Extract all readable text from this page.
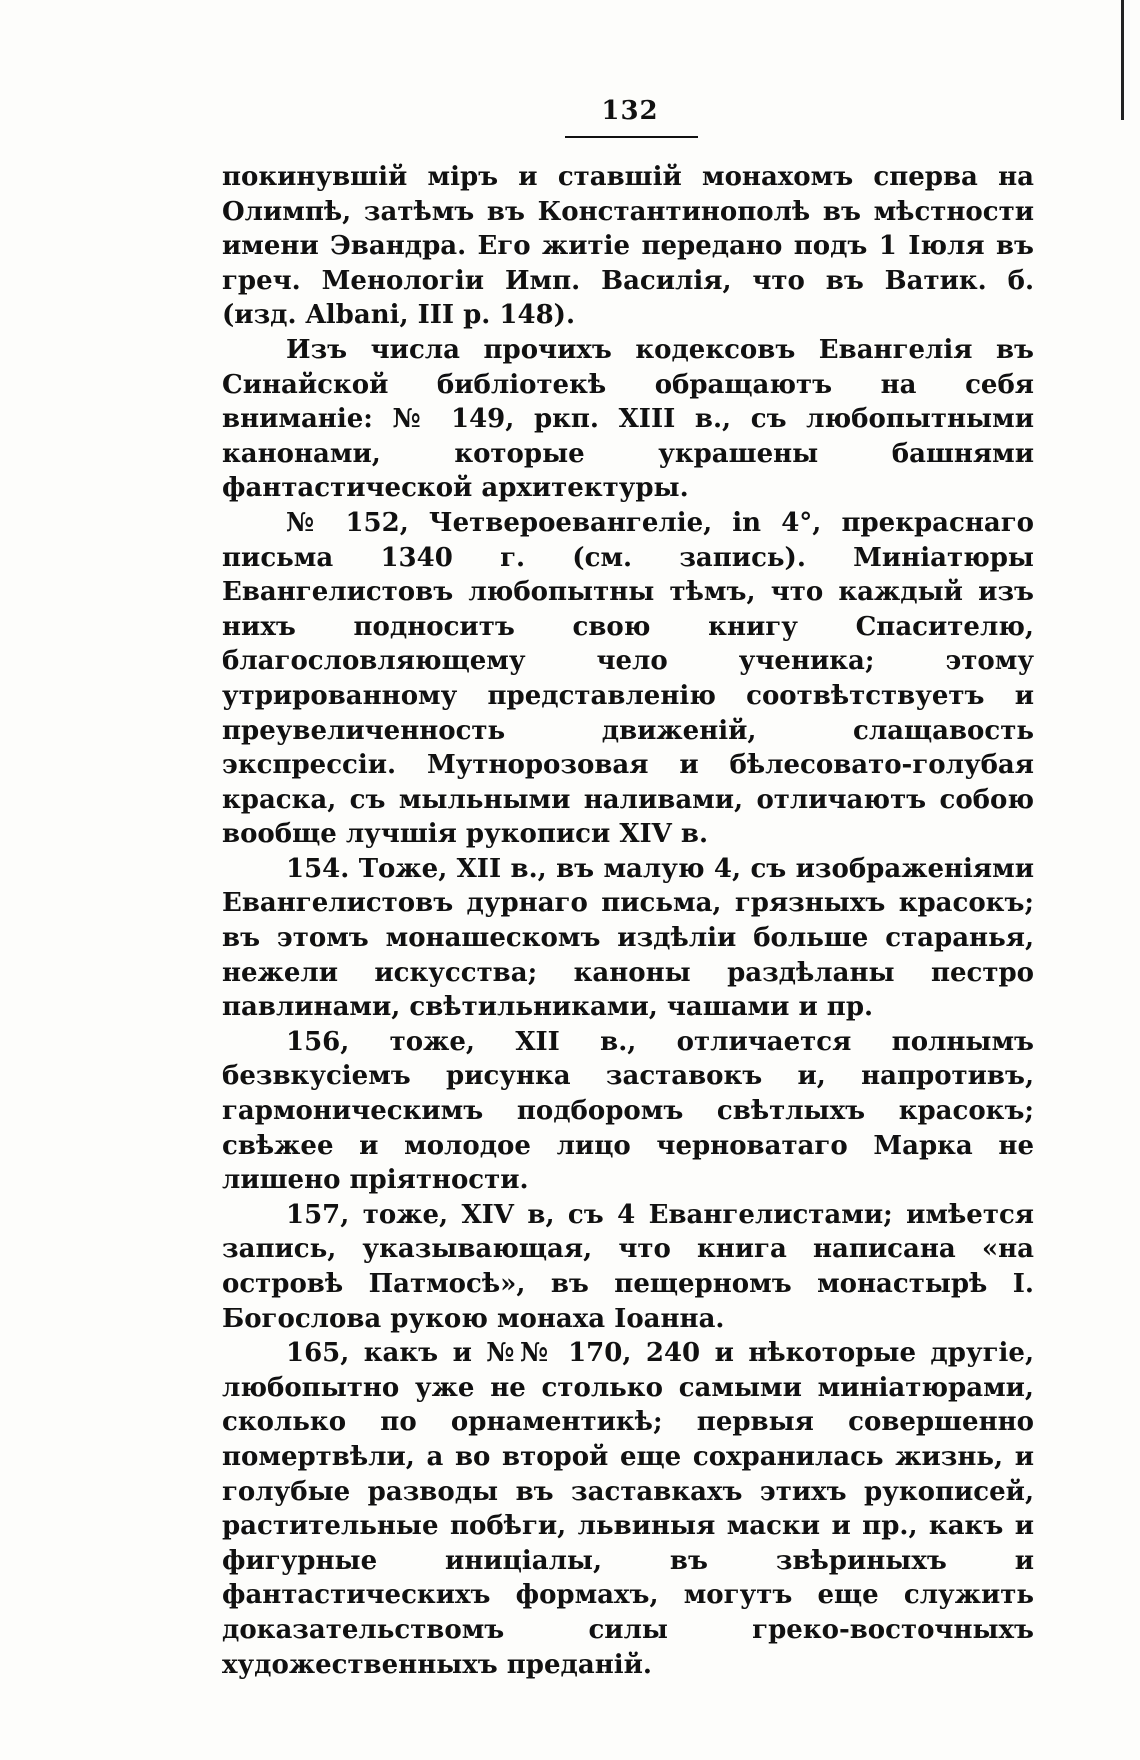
132

покинувшій міръ и ставшій монахомъ сперва на Олимпѣ, затѣмъ въ Константинополѣ въ мѣстности имени Эвандра. Его житіе передано подъ 1 Іюля въ греч. Менологіи Имп. Василія, что въ Ватик. б. (изд. Albani, III p. 148).

Изъ числа прочихъ кодексовъ Евангелія въ Синайской библіотекѣ обращаютъ на себя вниманіе: № 149, ркп. XIII в., съ любопытными канонами, которые украшены башнями фантастической архитектуры.

№ 152, Четвероевангеліе, in 4°, прекраснаго письма 1340 г. (см. запись). Миніатюры Евангелистовъ любопытны тѣмъ, что каждый изъ нихъ подноситъ свою книгу Спасителю, благословляющему чело ученика; этому утрированному представленію соотвѣтствуетъ и преувеличенность движеній, слащавость экспрессіи. Мутнорозовая и бѣлесовато-голубая краска, съ мыльными наливами, отличаютъ собою вообще лучшія рукописи XIV в.

154. Тоже, XII в., въ малую 4, съ изображеніями Евангелистовъ дурнаго письма, грязныхъ красокъ; въ этомъ монашескомъ издѣліи больше старанья, нежели искусства; каноны раздѣланы пестро павлинами, свѣтильниками, чашами и пр.

156, тоже, XII в., отличается полнымъ безвкусіемъ рисунка заставокъ и, напротивъ, гармоническимъ подборомъ свѣтлыхъ красокъ; свѣжее и молодое лицо черноватаго Марка не лишено пріятности.

157, тоже, XIV в, съ 4 Евангелистами; имѣется запись, указывающая, что книга написана «на островѣ Патмосѣ», въ пещерномъ монастырѣ І. Богослова рукою монаха Іоанна.

165, какъ и №№ 170, 240 и нѣкоторые другіе, любопытно уже не столько самыми миніатюрами, сколько по орнаментикѣ; первыя совершенно помертвѣли, а во второй еще сохранилась жизнь, и голубые разводы въ заставкахъ этихъ рукописей, растительные побѣги, львиныя маски и пр., какъ и фигурные иниціалы, въ звѣриныхъ и фантастическихъ формахъ, могутъ еще служить доказательствомъ силы греко-восточныхъ художественныхъ преданій.
